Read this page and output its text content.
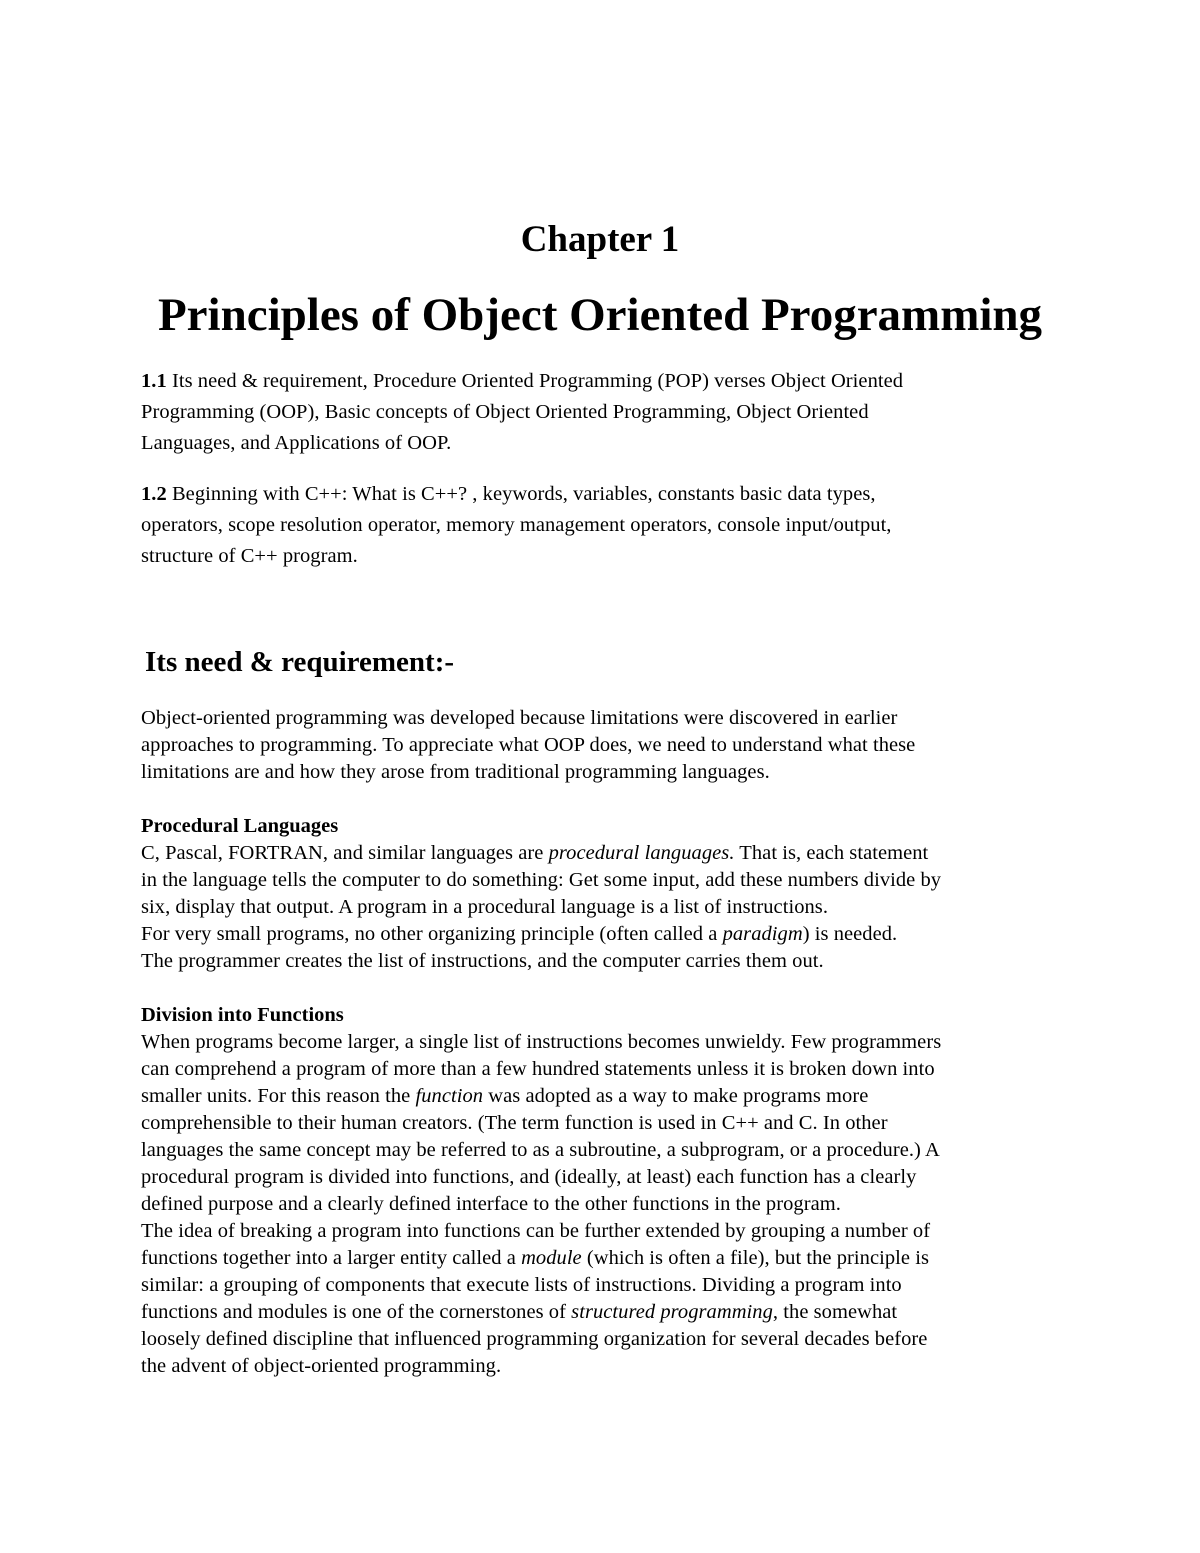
Chapter 1
Principles of Object Oriented Programming

1.1 Its need & requirement, Procedure Oriented Programming (POP) verses Object Oriented
Programming (OOP), Basic concepts of Object Oriented Programming, Object Oriented
Languages, and Applications of OOP.

1.2 Beginning with C++: What is C++? , keywords, variables, constants basic data types,
operators, scope resolution operator, memory management operators, console input/output,
structure of C++ program.

Its need & requirement:-

Object-oriented programming was developed because limitations were discovered in earlier
approaches to programming. To appreciate what OOP does, we need to understand what these
limitations are and how they arose from traditional programming languages.

Procedural Languages

C, Pascal, FORTRAN, and similar languages are procedural languages. That is, each statement
in the language tells the computer to do something: Get some input, add these numbers divide by
six, display that output. A program in a procedural language is a list of instructions.
For very small programs, no other organizing principle (often called a paradigm) is needed.
The programmer creates the list of instructions, and the computer carries them out.

Division into Functions

When programs become larger, a single list of instructions becomes unwieldy. Few programmers
can comprehend a program of more than a few hundred statements unless it is broken down into
smaller units. For this reason the function was adopted as a way to make programs more
comprehensible to their human creators. (The term function is used in C++ and C. In other
languages the same concept may be referred to as a subroutine, a subprogram, or a procedure.) A
procedural program is divided into functions, and (ideally, at least) each function has a clearly
defined purpose and a clearly defined interface to the other functions in the program.
The idea of breaking a program into functions can be further extended by grouping a number of
functions together into a larger entity called a module (which is often a file), but the principle is
similar: a grouping of components that execute lists of instructions. Dividing a program into
functions and modules is one of the cornerstones of structured programming, the somewhat
loosely defined discipline that influenced programming organization for several decades before
the advent of object-oriented programming.
